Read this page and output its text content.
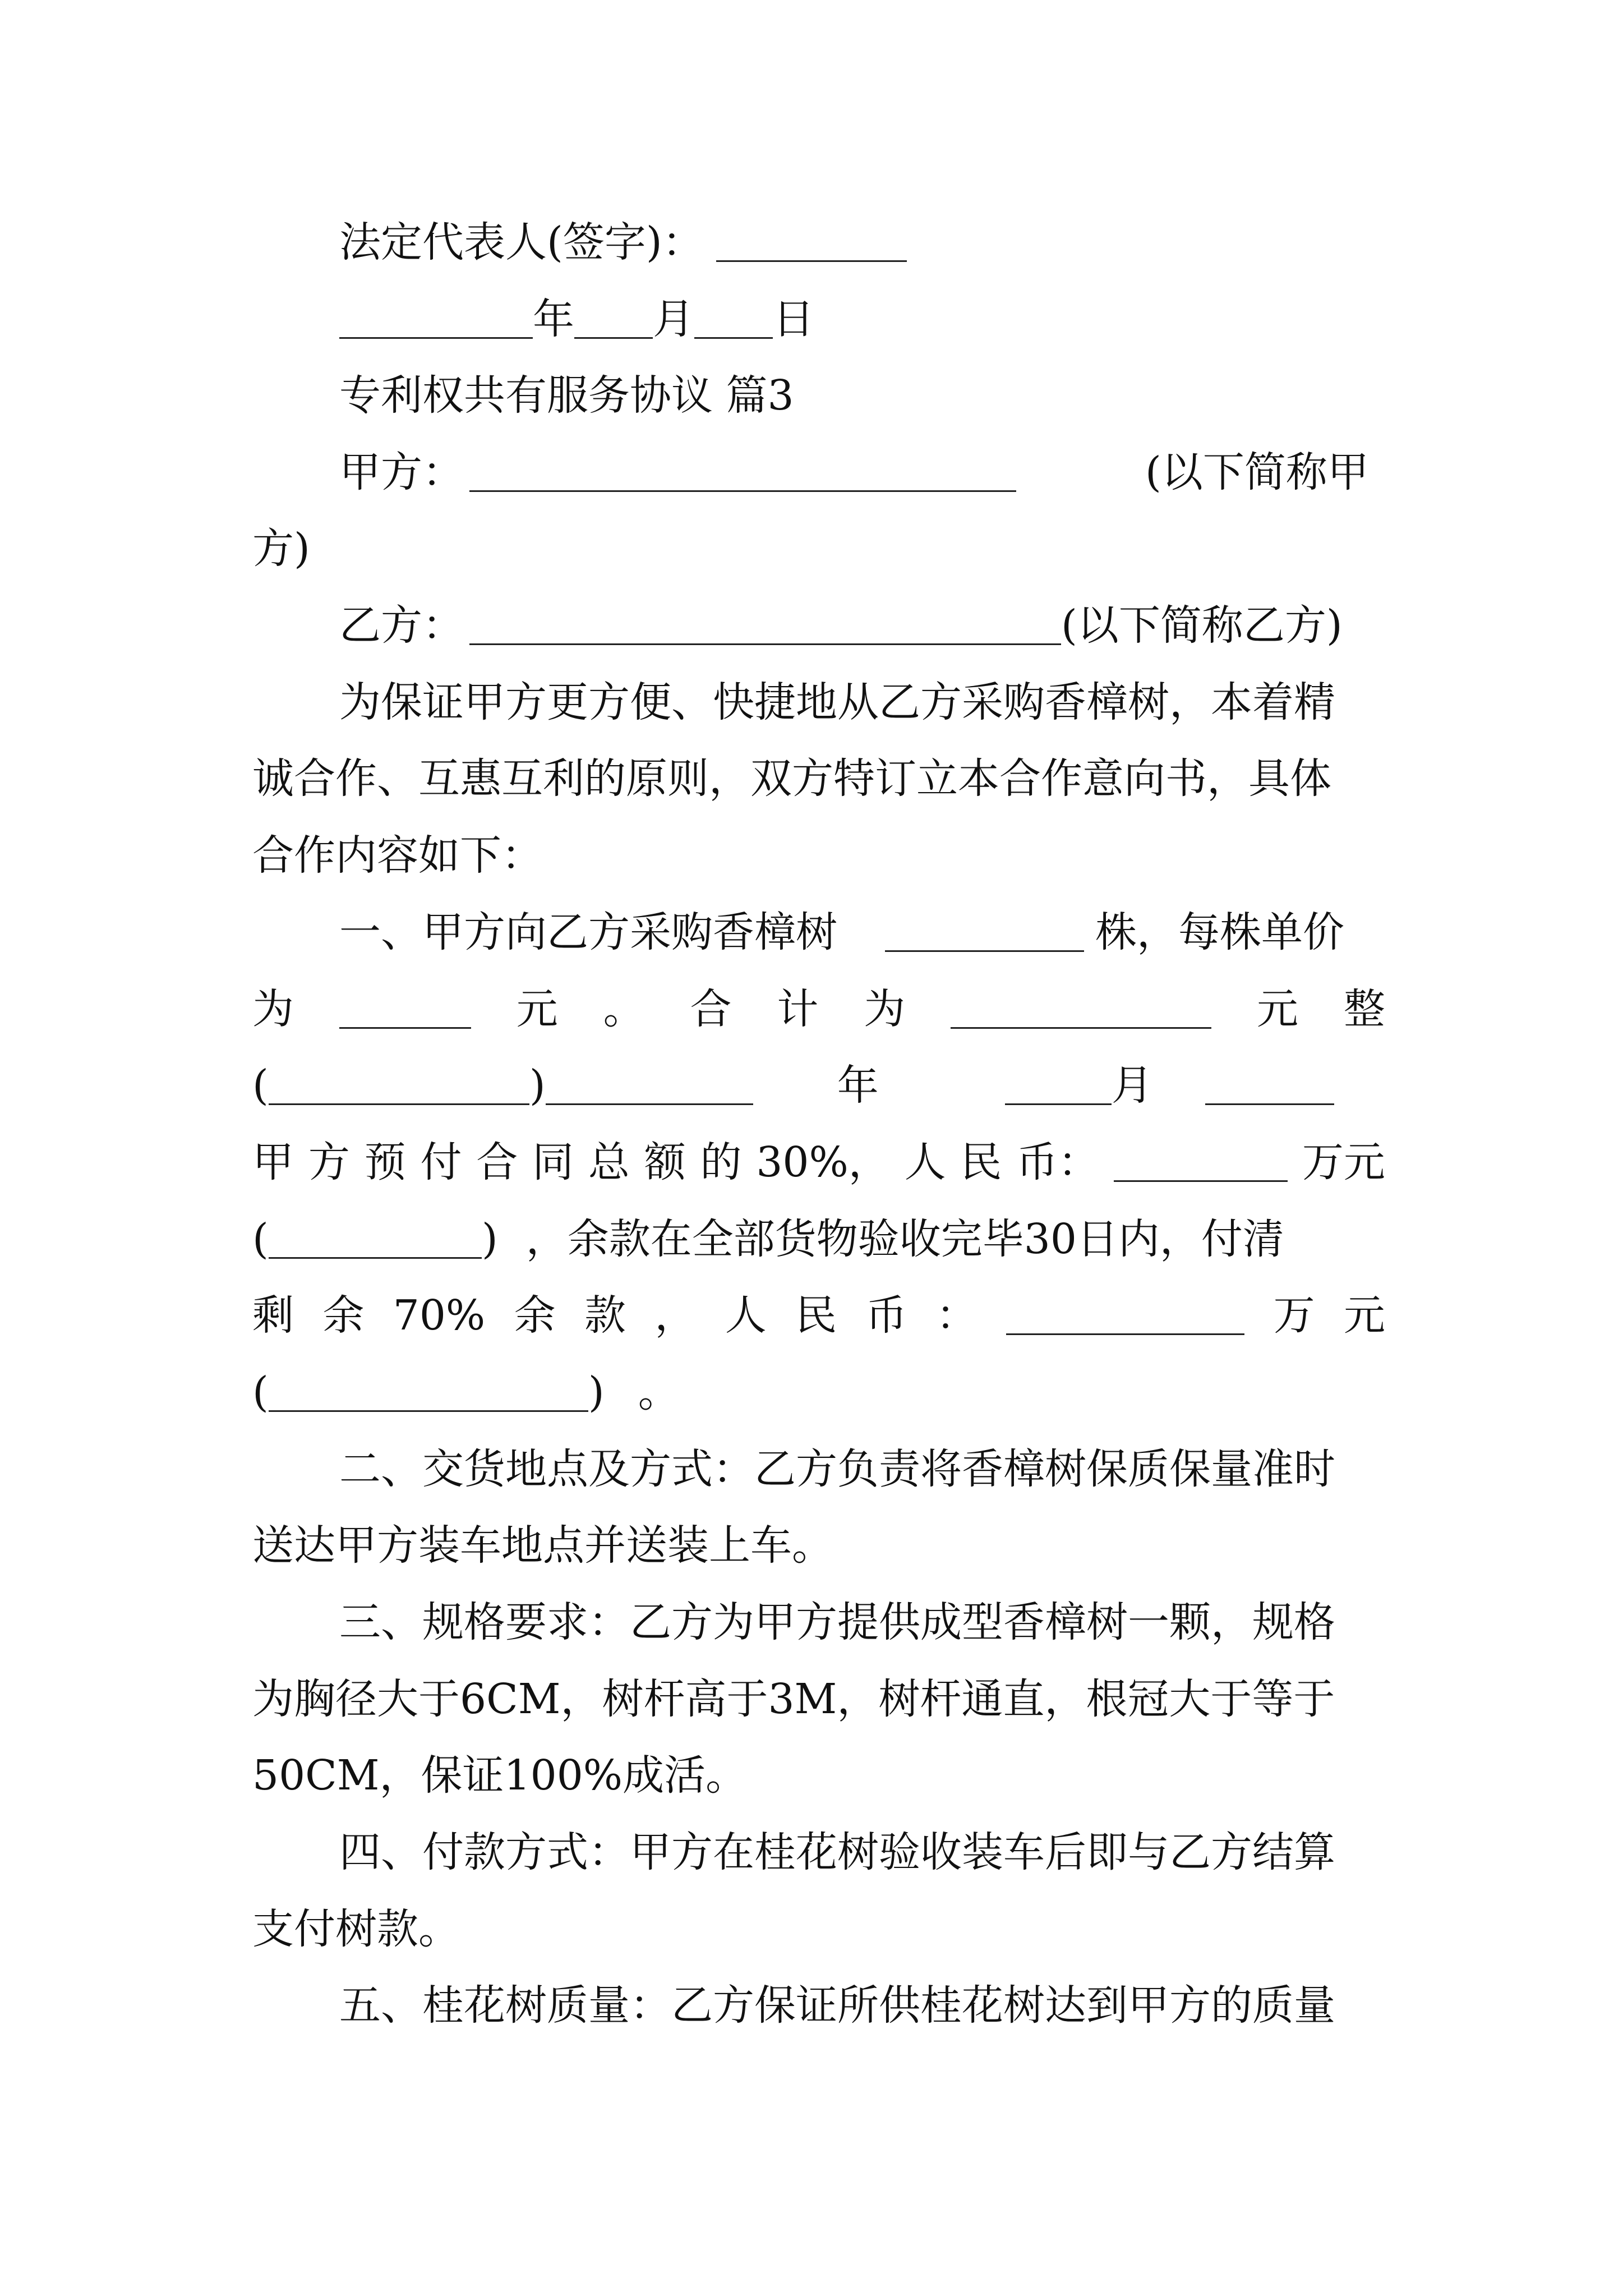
法定代表人(签字)：
年 月 日
专利权共有服务协议 篇3
甲方：	(以下简称甲
方)
乙方：	(以下简称乙方)
为保证甲方更方便、快捷地从乙方采购香樟树，本着精
诚合作、互惠互利的原则，双方特订立本合作意向书，具体
合作内容如下：
一、甲方向乙方采购香樟树	株，每株单价
为	元 。 合 计 为	元 整
(	)	年	月
甲 方 预 付 合 同 总 额 的 30%， 人 民 币：	万元
(	) ，余款在全部货物验收完毕30日内，付清
剩 余 70% 余 款 ， 人 民 币 ：	万 元
(	) 。
二、交货地点及方式：乙方负责将香樟树保质保量准时
送达甲方装车地点并送装上车。
三、规格要求：乙方为甲方提供成型香樟树一颗，规格
为胸径大于6CM，树杆高于3M，树杆通直，根冠大于等于
50CM，保证100%成活。
四、付款方式：甲方在桂花树验收装车后即与乙方结算
支付树款。
五、桂花树质量：乙方保证所供桂花树达到甲方的质量
